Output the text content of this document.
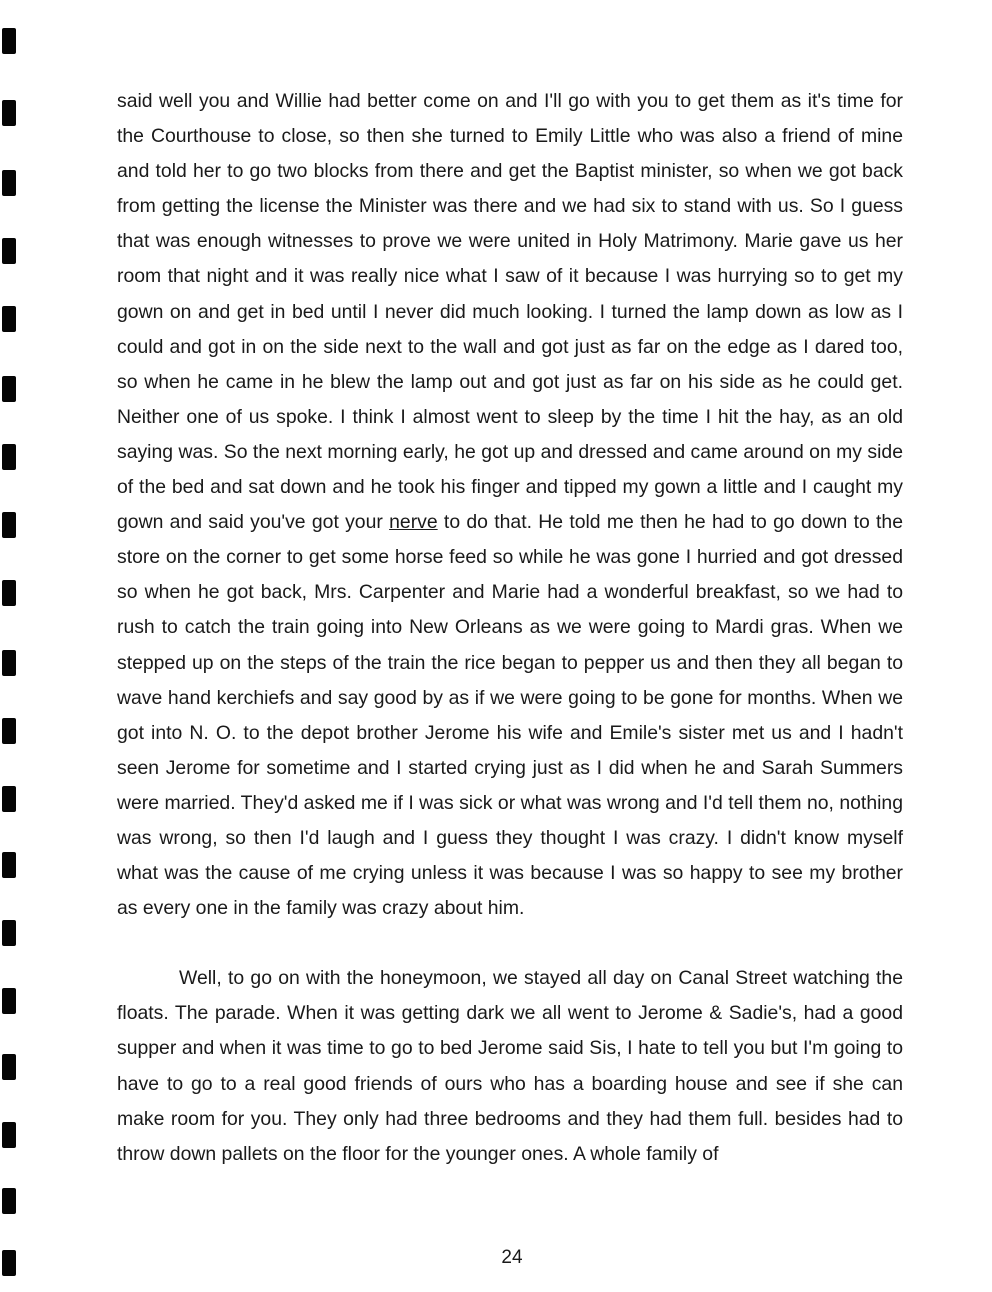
said well you and Willie had better come on and I'll go with you to get them as it's time for the Courthouse to close, so then she turned to Emily Little who was also a friend of mine and told her to go two blocks from there and get the Baptist minister, so when we got back from getting the license the Minister was there and we had six to stand with us. So I guess that was enough witnesses to prove we were united in Holy Matrimony. Marie gave us her room that night and it was really nice what I saw of it because I was hurrying so to get my gown on and get in bed until I never did much looking. I turned the lamp down as low as I could and got in on the side next to the wall and got just as far on the edge as I dared too, so when he came in he blew the lamp out and got just as far on his side as he could get. Neither one of us spoke. I think I almost went to sleep by the time I hit the hay, as an old saying was. So the next morning early, he got up and dressed and came around on my side of the bed and sat down and he took his finger and tipped my gown a little and I caught my gown and said you've got your nerve to do that. He told me then he had to go down to the store on the corner to get some horse feed so while he was gone I hurried and got dressed so when he got back, Mrs. Carpenter and Marie had a wonderful breakfast, so we had to rush to catch the train going into New Orleans as we were going to Mardi gras. When we stepped up on the steps of the train the rice began to pepper us and then they all began to wave hand kerchiefs and say good by as if we were going to be gone for months. When we got into N. O. to the depot brother Jerome his wife and Emile's sister met us and I hadn't seen Jerome for sometime and I started crying just as I did when he and Sarah Summers were married. They'd asked me if I was sick or what was wrong and I'd tell them no, nothing was wrong, so then I'd laugh and I guess they thought I was crazy. I didn't know myself what was the cause of me crying unless it was because I was so happy to see my brother as every one in the family was crazy about him.

Well, to go on with the honeymoon, we stayed all day on Canal Street watching the floats. The parade. When it was getting dark we all went to Jerome & Sadie's, had a good supper and when it was time to go to bed Jerome said Sis, I hate to tell you but I'm going to have to go to a real good friends of ours who has a boarding house and see if she can make room for you. They only had three bedrooms and they had them full. besides had to throw down pallets on the floor for the younger ones. A whole family of

24
